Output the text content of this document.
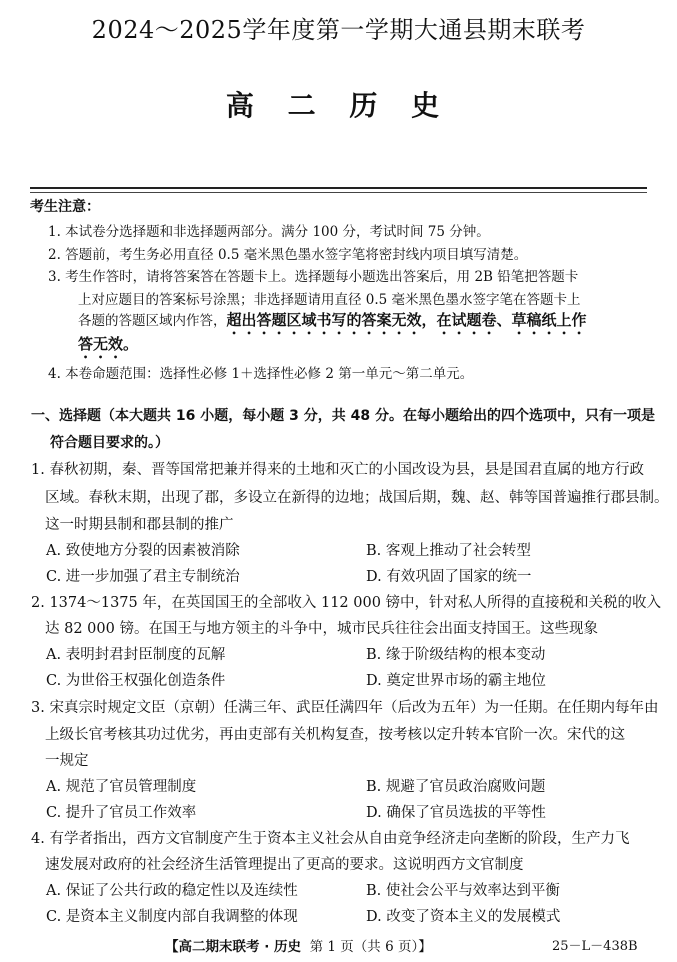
2024～2025学年度第一学期大通县期末联考
高 二 历 史
考生注意：
1. 本试卷分选择题和非选择题两部分。满分 100 分，考试时间 75 分钟。
2. 答题前，考生务必用直径 0.5 毫米黑色墨水签字笔将密封线内项目填写清楚。
3. 考生作答时，请将答案答在答题卡上。选择题每小题选出答案后，用 2B 铅笔把答题卡
上对应题目的答案标号涂黑；非选择题请用直径 0.5 毫米黑色墨水签字笔在答题卡上
各题的答题区域内作答，超出答题区域书写的答案无效，在试题卷、草稿纸上作
答无效。
4. 本卷命题范围：选择性必修 1＋选择性必修 2 第一单元～第二单元。
一、选择题（本大题共 16 小题，每小题 3 分，共 48 分。在每小题给出的四个选项中，只有一项是
符合题目要求的。）
1. 春秋初期，秦、晋等国常把兼并得来的土地和灭亡的小国改设为县，县是国君直属的地方行政
区域。春秋末期，出现了郡，多设立在新得的边地；战国后期，魏、赵、韩等国普遍推行郡县制。
这一时期县制和郡县制的推广
A. 致使地方分裂的因素被消除	B. 客观上推动了社会转型
C. 进一步加强了君主专制统治	D. 有效巩固了国家的统一
2. 1374～1375 年，在英国国王的全部收入 112 000 镑中，针对私人所得的直接税和关税的收入
达 82 000 镑。在国王与地方领主的斗争中，城市民兵往往会出面支持国王。这些现象
A. 表明封君封臣制度的瓦解	B. 缘于阶级结构的根本变动
C. 为世俗王权强化创造条件	D. 奠定世界市场的霸主地位
3. 宋真宗时规定文臣（京朝）任满三年、武臣任满四年（后改为五年）为一任期。在任期内每年由
上级长官考核其功过优劣，再由吏部有关机构复查，按考核以定升转本官阶一次。宋代的这
一规定
A. 规范了官员管理制度	B. 规避了官员政治腐败问题
C. 提升了官员工作效率	D. 确保了官员选拔的平等性
4. 有学者指出，西方文官制度产生于资本主义社会从自由竞争经济走向垄断的阶段，生产力飞
速发展对政府的社会经济生活管理提出了更高的要求。这说明西方文官制度
A. 保证了公共行政的稳定性以及连续性	B. 使社会公平与效率达到平衡
C. 是资本主义制度内部自我调整的体现	D. 改变了资本主义的发展模式
【高二期末联考 · 历史 第 1 页（共 6 页）】	25－L－438B
